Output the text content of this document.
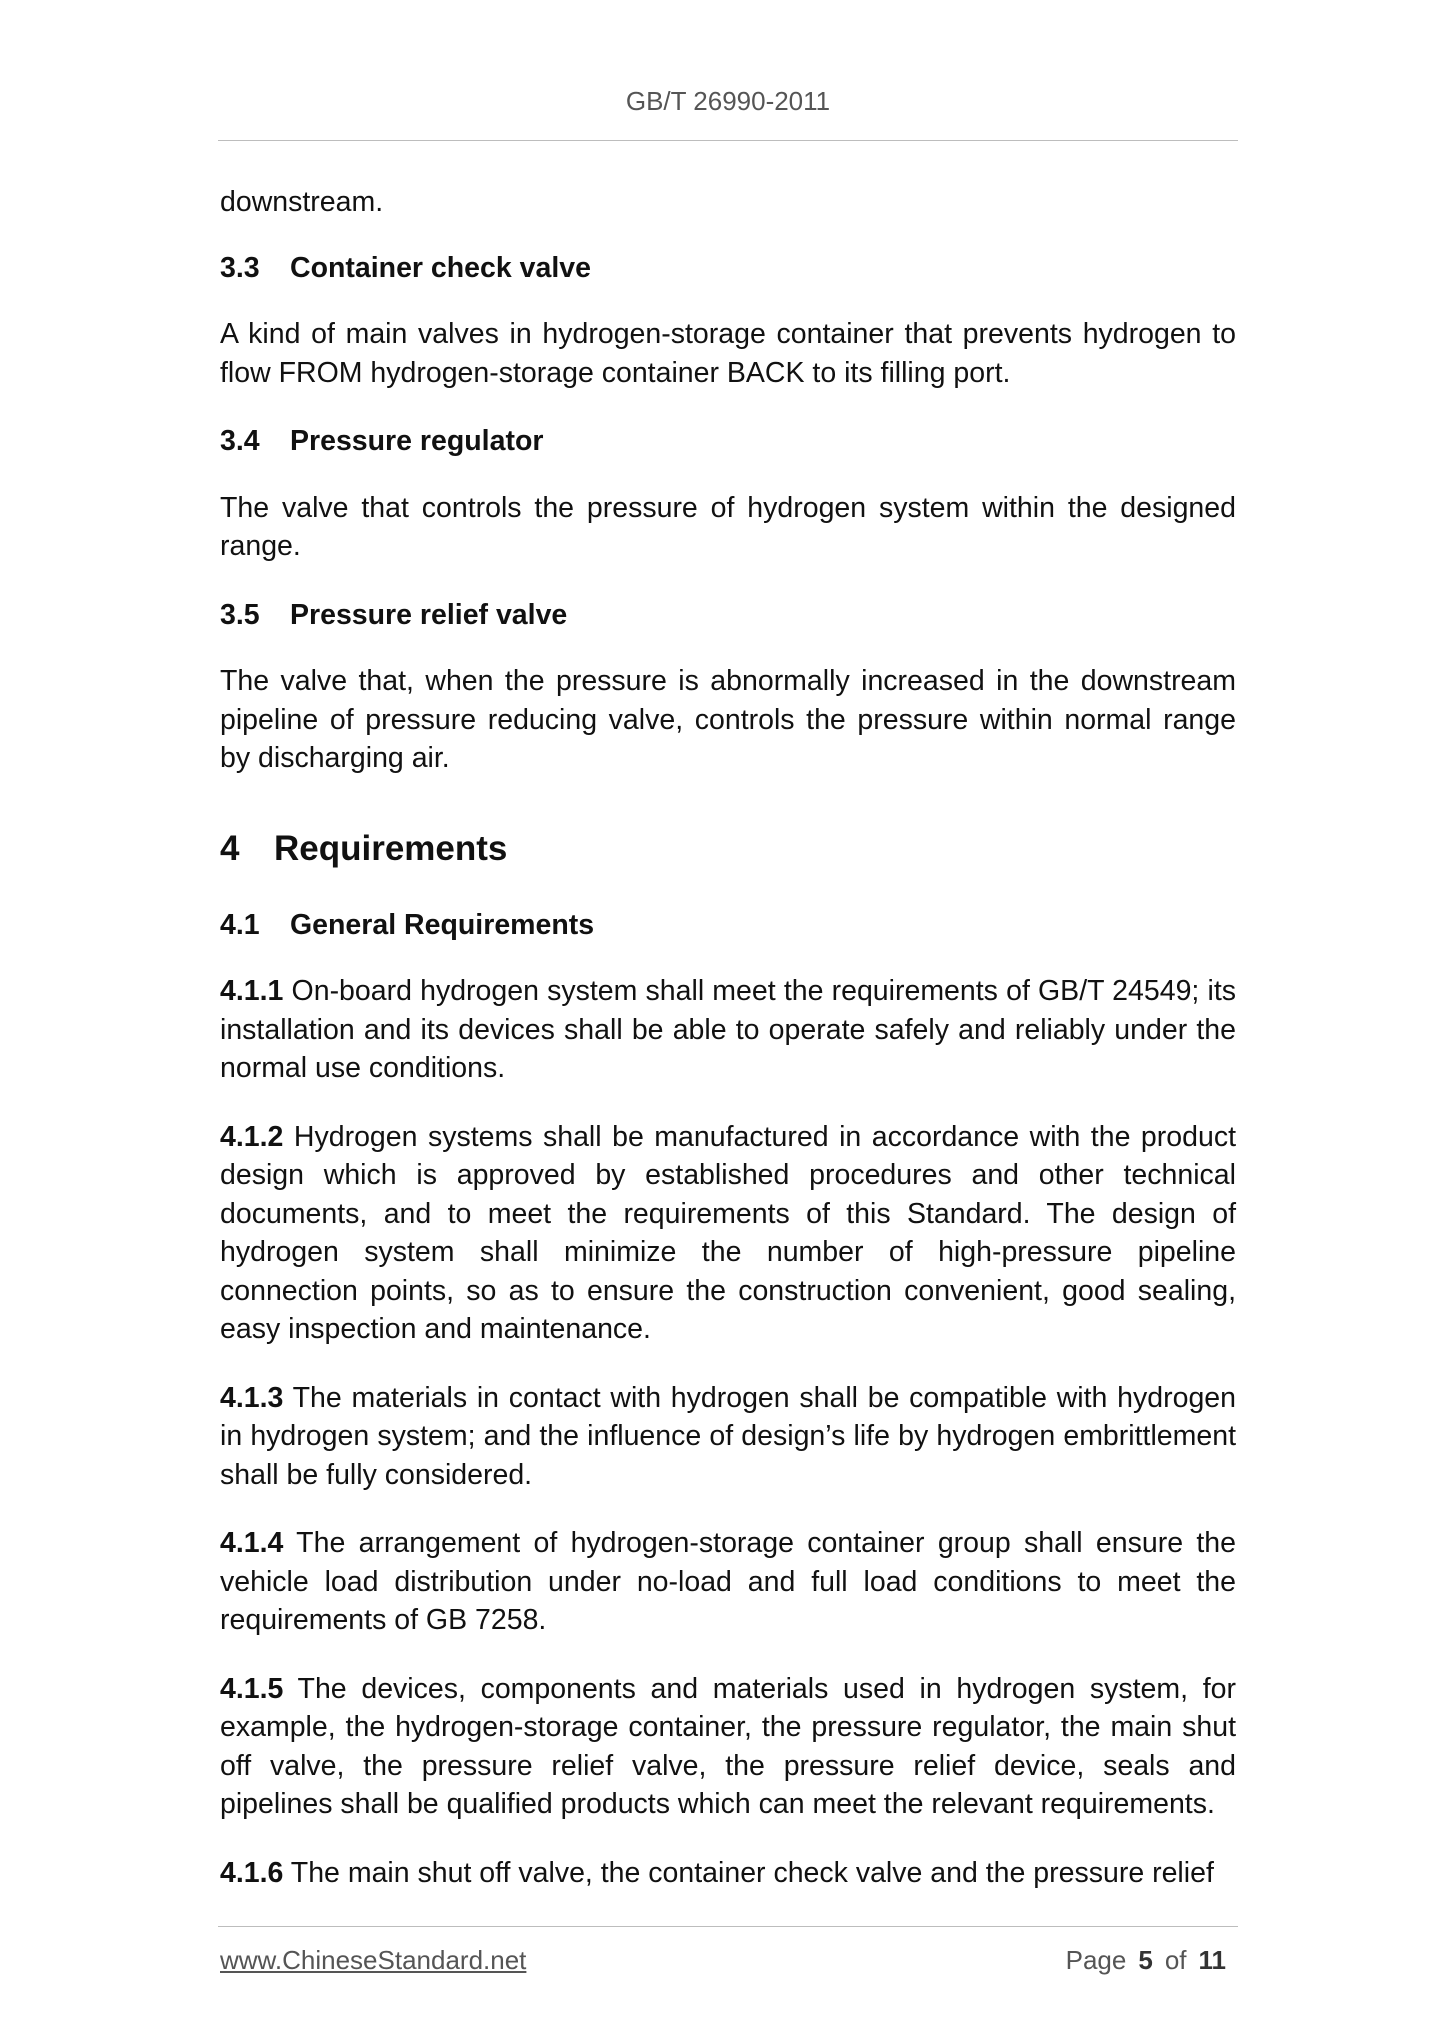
GB/T 26990-2011
downstream.
3.3 Container check valve
A kind of main valves in hydrogen-storage container that prevents hydrogen to flow FROM hydrogen-storage container BACK to its filling port.
3.4 Pressure regulator
The valve that controls the pressure of hydrogen system within the designed range.
3.5 Pressure relief valve
The valve that, when the pressure is abnormally increased in the downstream pipeline of pressure reducing valve, controls the pressure within normal range by discharging air.
4 Requirements
4.1 General Requirements
4.1.1 On-board hydrogen system shall meet the requirements of GB/T 24549; its installation and its devices shall be able to operate safely and reliably under the normal use conditions.
4.1.2 Hydrogen systems shall be manufactured in accordance with the product design which is approved by established procedures and other technical documents, and to meet the requirements of this Standard. The design of hydrogen system shall minimize the number of high-pressure pipeline connection points, so as to ensure the construction convenient, good sealing, easy inspection and maintenance.
4.1.3 The materials in contact with hydrogen shall be compatible with hydrogen in hydrogen system; and the influence of design’s life by hydrogen embrittlement shall be fully considered.
4.1.4 The arrangement of hydrogen-storage container group shall ensure the vehicle load distribution under no-load and full load conditions to meet the requirements of GB 7258.
4.1.5 The devices, components and materials used in hydrogen system, for example, the hydrogen-storage container, the pressure regulator, the main shut off valve, the pressure relief valve, the pressure relief device, seals and pipelines shall be qualified products which can meet the relevant requirements.
4.1.6 The main shut off valve, the container check valve and the pressure relief
www.ChineseStandard.net	Page 5 of 11
